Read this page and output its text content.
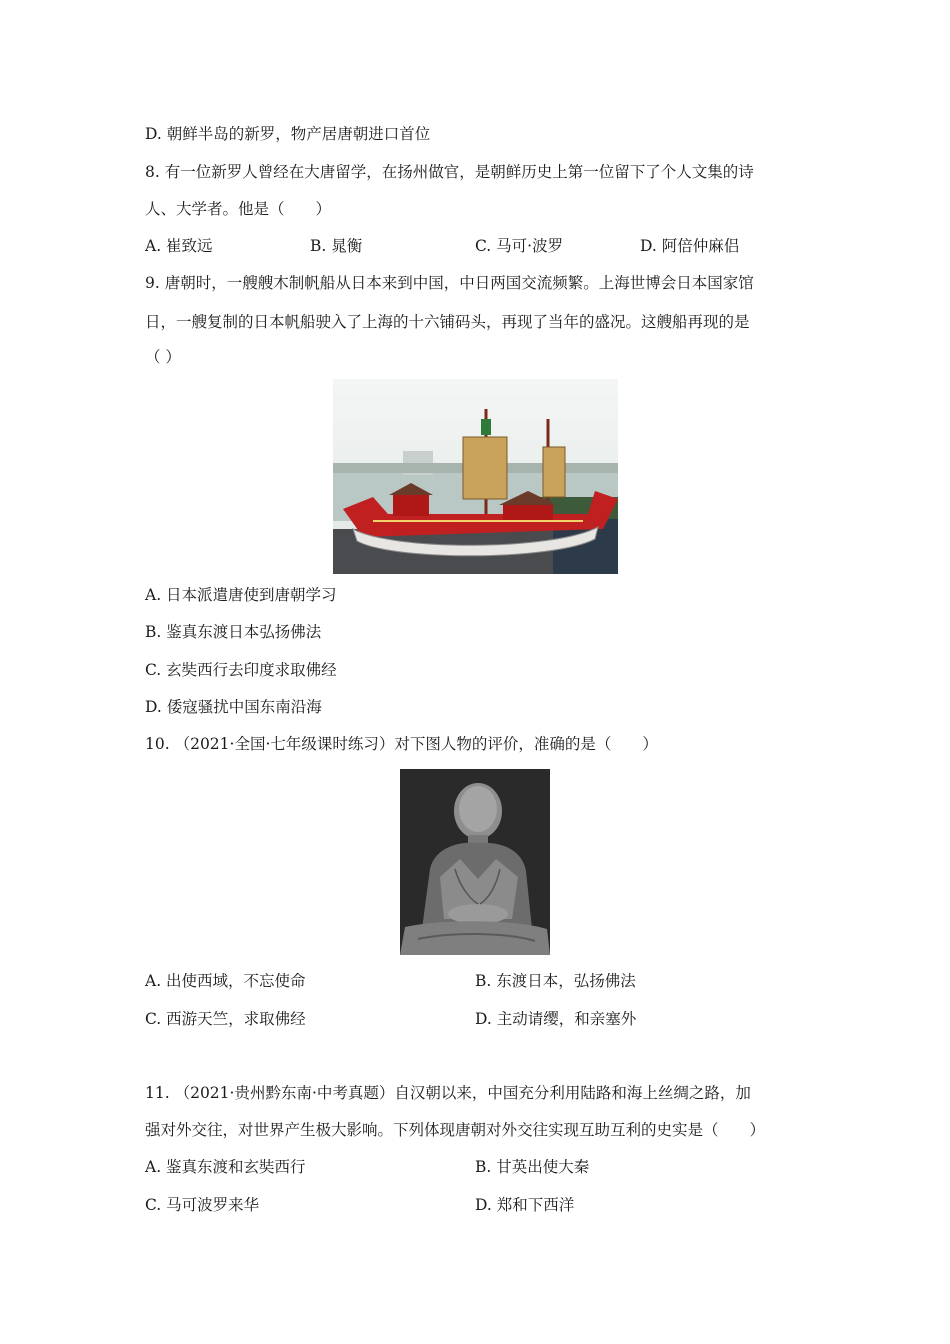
D. 朝鲜半岛的新罗，物产居唐朝进口首位
8. 有一位新罗人曾经在大唐留学，在扬州做官，是朝鲜历史上第一位留下了个人文集的诗
人、大学者。他是（　　）
A. 崔致远	B. 晁衡	C. 马可·波罗	D. 阿倍仲麻侣
9. 唐朝时，一艘艘木制帆船从日本来到中国，中日两国交流频繁。上海世博会日本国家馆
日，一艘复制的日本帆船驶入了上海的十六铺码头，再现了当年的盛况。这艘船再现的是
（ ）
A. 日本派遣唐使到唐朝学习
B. 鉴真东渡日本弘扬佛法
C. 玄奘西行去印度求取佛经
D. 倭寇骚扰中国东南沿海
10. （2021·全国·七年级课时练习）对下图人物的评价，准确的是（　　）
A. 出使西域，不忘使命	B. 东渡日本，弘扬佛法
C. 西游天竺，求取佛经	D. 主动请缨，和亲塞外
11. （2021·贵州黔东南·中考真题）自汉朝以来，中国充分利用陆路和海上丝绸之路，加
强对外交往，对世界产生极大影响。下列体现唐朝对外交往实现互助互利的史实是（　　）
A. 鉴真东渡和玄奘西行	B. 甘英出使大秦
C. 马可波罗来华	D. 郑和下西洋
